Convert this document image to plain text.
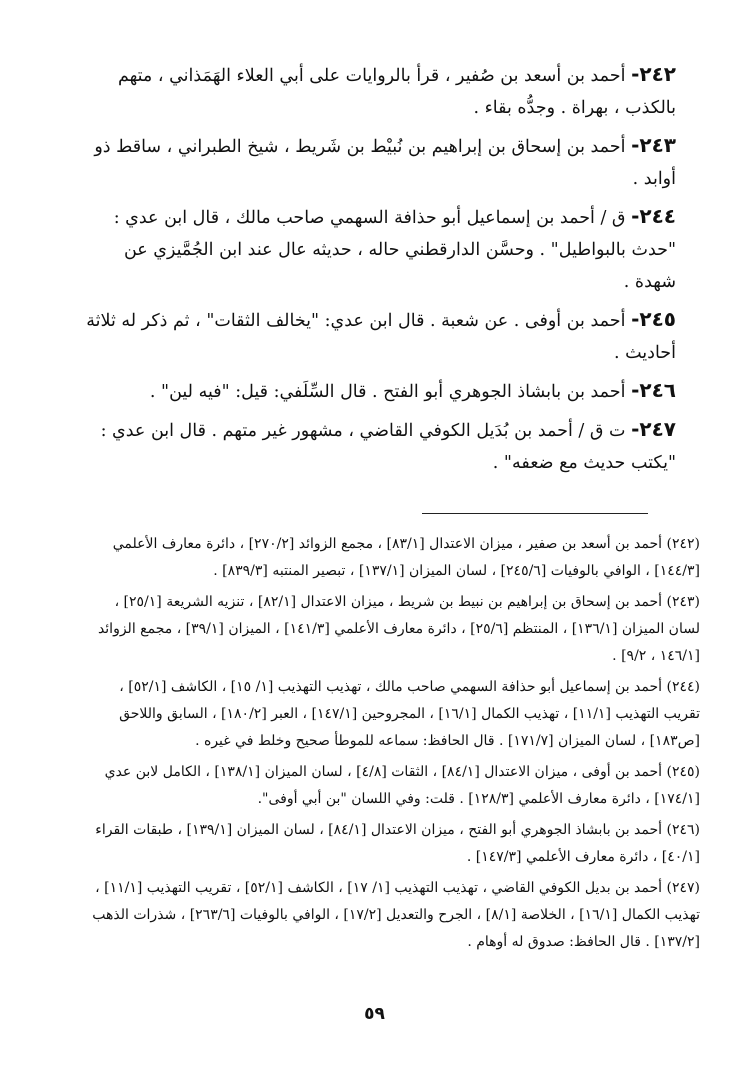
٢٤٢- أحمد بن أسعد بن صُفير ، قرأ بالروايات على أبي العلاء الهَمَذاني ، متهم بالكذب ، بهراة . وجدُّه بقاء .

٢٤٣- أحمد بن إسحاق بن إبراهيم بن نُبيْط بن شَريط ، شيخ الطبراني ، ساقط ذو أوابد .

٢٤٤- ق / أحمد بن إسماعيل أبو حذافة السهمي صاحب مالك ، قال ابن عدي : "حدث بالبواطيل" . وحسَّن الدارقطني حاله ، حديثه عال عند ابن الجُمَّيزي عن شهدة .

٢٤٥- أحمد بن أوفى . عن شعبة . قال ابن عدي: "يخالف الثقات" ، ثم ذكر له ثلاثة أحاديث .

٢٤٦- أحمد بن بابشاذ الجوهري أبو الفتح . قال السِّلَفي: قيل: "فيه لين" .

٢٤٧- ت ق / أحمد بن بُدَيل الكوفي القاضي ، مشهور غير متهم . قال ابن عدي : "يكتب حديث مع ضعفه" .

(٢٤٢) أحمد بن أسعد بن صفير ، ميزان الاعتدال [٨٣/١] ، مجمع الزوائد [٢٧٠/٢] ، دائرة معارف الأعلمي [١٤٤/٣] ، الوافي بالوفيات [٢٤٥/٦] ، لسان الميزان [١٣٧/١] ، تبصير المنتبه [٨٣٩/٣] .

(٢٤٣) أحمد بن إسحاق بن إبراهيم بن نبيط بن شريط ، ميزان الاعتدال [٨٢/١] ، تنزيه الشريعة [٢٥/١] ، لسان الميزان [١٣٦/١] ، المنتظم [٢٥/٦] ، دائرة معارف الأعلمي [١٤١/٣] ، الميزان [٣٩/١] ، مجمع الزوائد [١٤٦/١ ، ٩/٢] .

(٢٤٤) أحمد بن إسماعيل أبو حذافة السهمي صاحب مالك ، تهذيب التهذيب [١/ ١٥] ، الكاشف [٥٢/١] ، تقريب التهذيب [١١/١] ، تهذيب الكمال [١٦/١] ، المجروحين [١٤٧/١] ، العبر [١٨٠/٢] ، السابق واللاحق [ص١٨٣] ، لسان الميزان [١٧١/٧] . قال الحافظ: سماعه للموطأ صحيح وخلط في غيره .

(٢٤٥) أحمد بن أوفى ، ميزان الاعتدال [٨٤/١] ، الثقات [٤/٨] ، لسان الميزان [١٣٨/١] ، الكامل لابن عدي [١٧٤/١] ، دائرة معارف الأعلمي [١٢٨/٣] . قلت: وفي اللسان "بن أبي أوفى".

(٢٤٦) أحمد بن بابشاذ الجوهري أبو الفتح ، ميزان الاعتدال [٨٤/١] ، لسان الميزان [١٣٩/١] ، طبقات القراء [٤٠/١] ، دائرة معارف الأعلمي [١٤٧/٣] .

(٢٤٧) أحمد بن بديل الكوفي القاضي ، تهذيب التهذيب [١/ ١٧] ، الكاشف [٥٢/١] ، تقريب التهذيب [١١/١] ، تهذيب الكمال [١٦/١] ، الخلاصة [٨/١] ، الجرح والتعديل [١٧/٢] ، الوافي بالوفيات [٢٦٣/٦] ، شذرات الذهب [١٣٧/٢] . قال الحافظ: صدوق له أوهام .

٥٩
